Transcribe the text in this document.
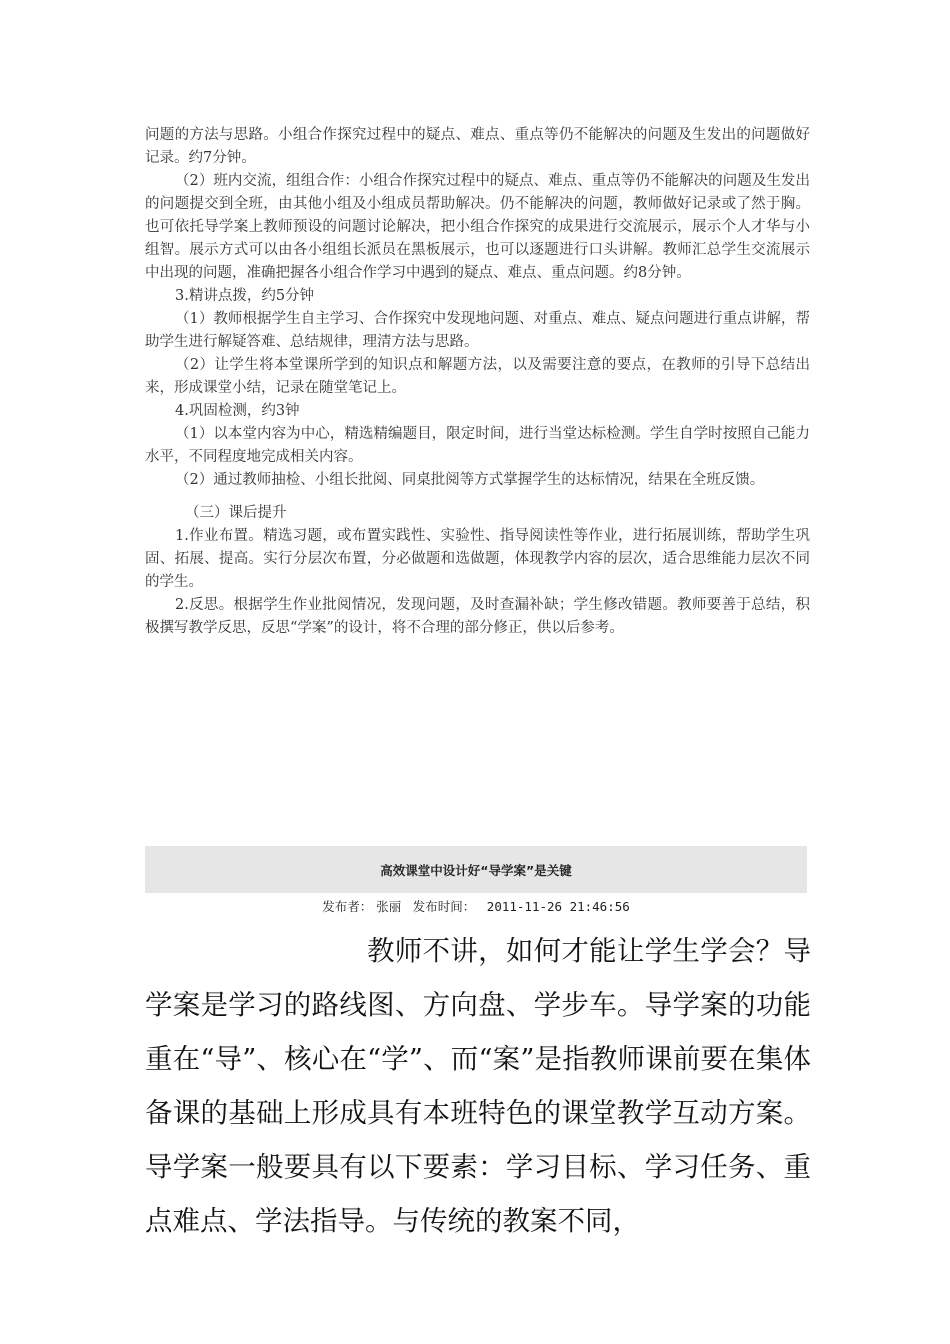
问题的方法与思路。小组合作探究过程中的疑点、难点、重点等仍不能解决的问题及生发出的问题做好记录。约7分钟。

（2）班内交流，组组合作：小组合作探究过程中的疑点、难点、重点等仍不能解决的问题及生发出的问题提交到全班，由其他小组及小组成员帮助解决。仍不能解决的问题，教师做好记录或了然于胸。也可依托导学案上教师预设的问题讨论解决，把小组合作探究的成果进行交流展示，展示个人才华与小组智。展示方式可以由各小组组长派员在黑板展示，也可以逐题进行口头讲解。教师汇总学生交流展示中出现的问题，准确把握各小组合作学习中遇到的疑点、难点、重点问题。约8分钟。

3.精讲点拨，约5分钟

（1）教师根据学生自主学习、合作探究中发现地问题、对重点、难点、疑点问题进行重点讲解，帮助学生进行解疑答难、总结规律，理清方法与思路。

（2）让学生将本堂课所学到的知识点和解题方法，以及需要注意的要点，在教师的引导下总结出来，形成课堂小结，记录在随堂笔记上。

4.巩固检测，约3钟

（1）以本堂内容为中心，精选精编题目，限定时间，进行当堂达标检测。学生自学时按照自己能力水平，不同程度地完成相关内容。

（2）通过教师抽检、小组长批阅、同桌批阅等方式掌握学生的达标情况，结果在全班反馈。

（三）课后提升

1.作业布置。精选习题，或布置实践性、实验性、指导阅读性等作业，进行拓展训练，帮助学生巩固、拓展、提高。实行分层次布置，分必做题和选做题，体现教学内容的层次，适合思维能力层次不同的学生。

2.反思。根据学生作业批阅情况，发现问题，及时查漏补缺；学生修改错题。教师要善于总结，积极撰写教学反思，反思“学案”的设计，将不合理的部分修正，供以后参考。

高效课堂中设计好“导学案”是关键
发布者： 张丽 发布时间： 2011-11-26 21:46:56

教师不讲，如何才能让学生学会？导学案是学习的路线图、方向盘、学步车。导学案的功能重在“导”、核心在“学”、而“案”是指教师课前要在集体备课的基础上形成具有本班特色的课堂教学互动方案。导学案一般要具有以下要素：学习目标、学习任务、重点难点、学法指导。与传统的教案不同，
